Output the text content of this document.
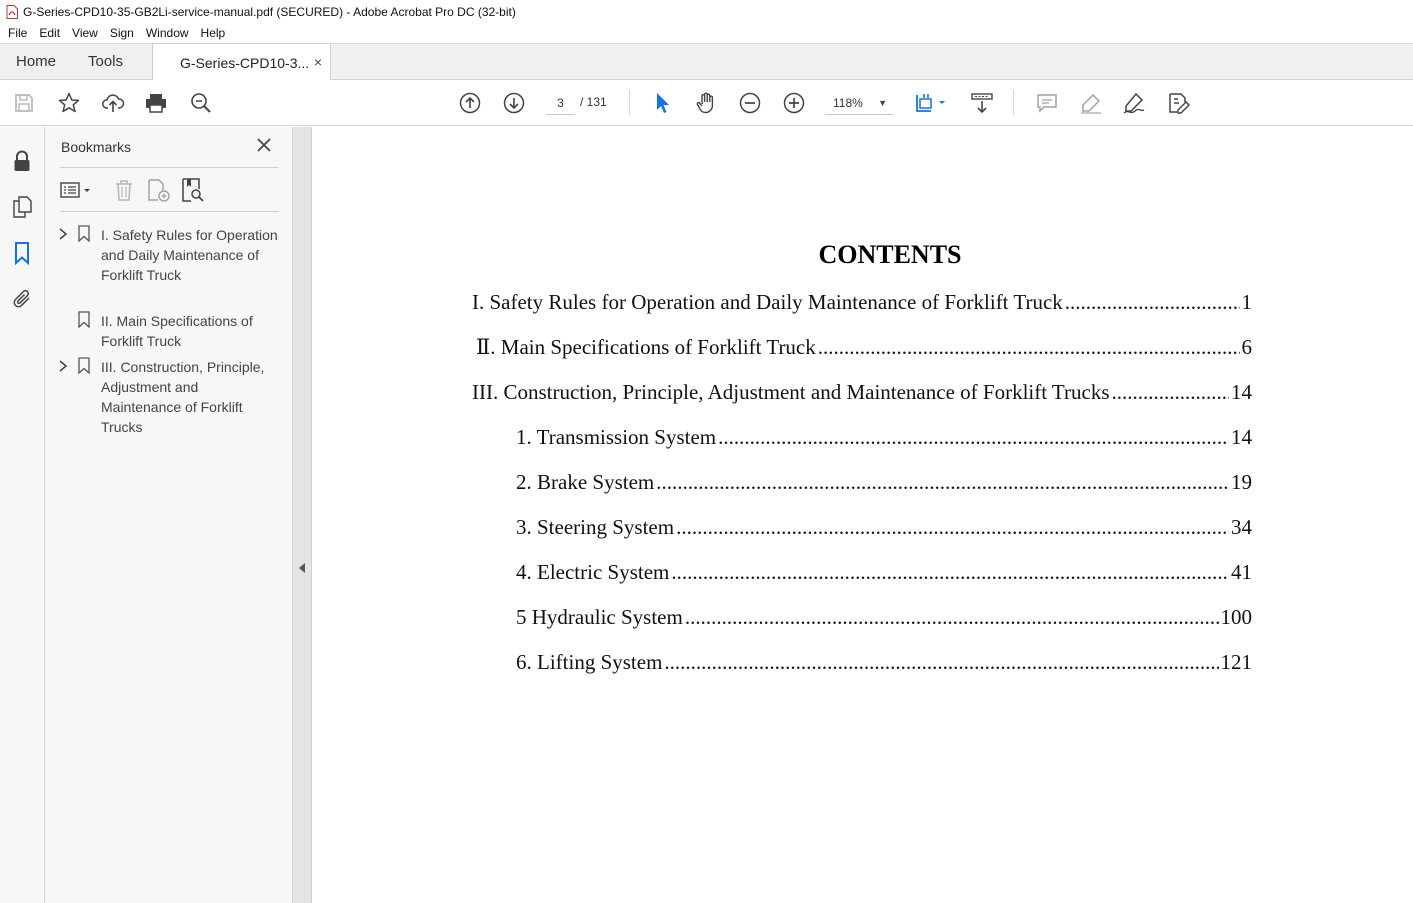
G-Series-CPD10-35-GB2Li-service-manual.pdf (SECURED) - Adobe Acrobat Pro DC (32-bit)
File	Edit	View	Sign	Window	Help
Home Tools	G-Series-CPD10-3... ×
3
/ 131	118% ▼
Bookmarks
I. Safety Rules for Operation and Daily Maintenance of Forklift Truck
II. Main Specifications of Forklift Truck
III. Construction, Principle, Adjustment and Maintenance of Forklift Trucks
CONTENTS
I. Safety Rules for Operation and Daily Maintenance of Forklift Truck .....	1
Ⅱ. Main Specifications of Forklift Truck .....	6
III. Construction, Principle, Adjustment and Maintenance of Forklift Trucks .....	14
1. Transmission System .....	14
2. Brake System .....	19
3. Steering System .....	34
4. Electric System .....	41
5 Hydraulic System .....	100
6. Lifting System .....	121
